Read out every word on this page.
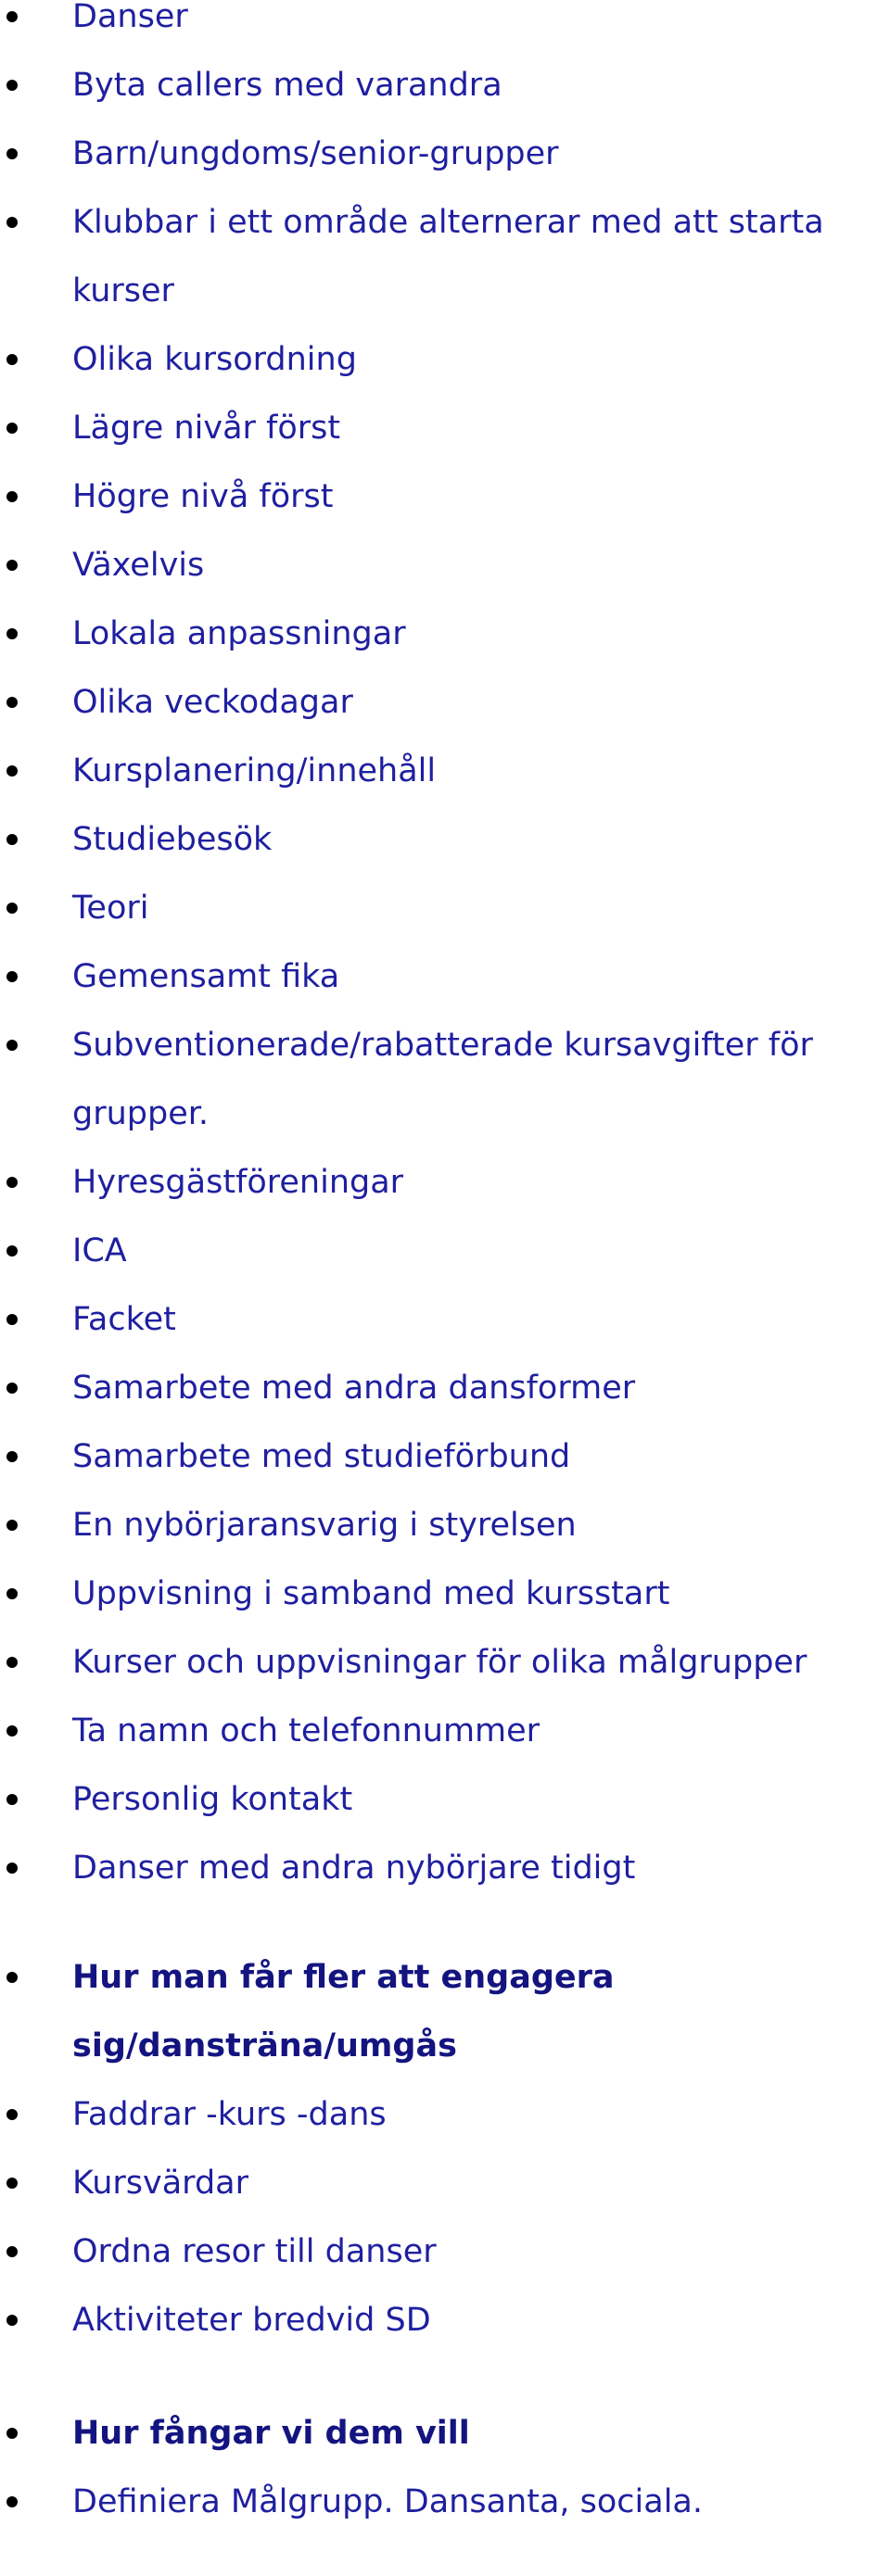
Danser
Byta callers med varandra
Barn/ungdoms/senior-grupper
Klubbar i ett område alternerar med att starta kurser
Olika kursordning
Lägre nivår först
Högre nivå först
Växelvis
Lokala anpassningar
Olika veckodagar
Kursplanering/innehåll
Studiebesök
Teori
Gemensamt fika
Subventionerade/rabatterade kursavgifter för grupper.
Hyresgästföreningar
ICA
Facket
Samarbete med andra dansformer
Samarbete med studieförbund
En nybörjaransvarig i styrelsen
Uppvisning i samband med kursstart
Kurser och uppvisningar för olika målgrupper
Ta namn och telefonnummer
Personlig kontakt
Danser med andra nybörjare tidigt
Hur man får fler att engagera sig/dansträna/umgås
Faddrar -kurs -dans
Kursvärdar
Ordna resor till danser
Aktiviteter bredvid SD
Hur fångar vi dem vill
Definiera Målgrupp. Dansanta, sociala.
